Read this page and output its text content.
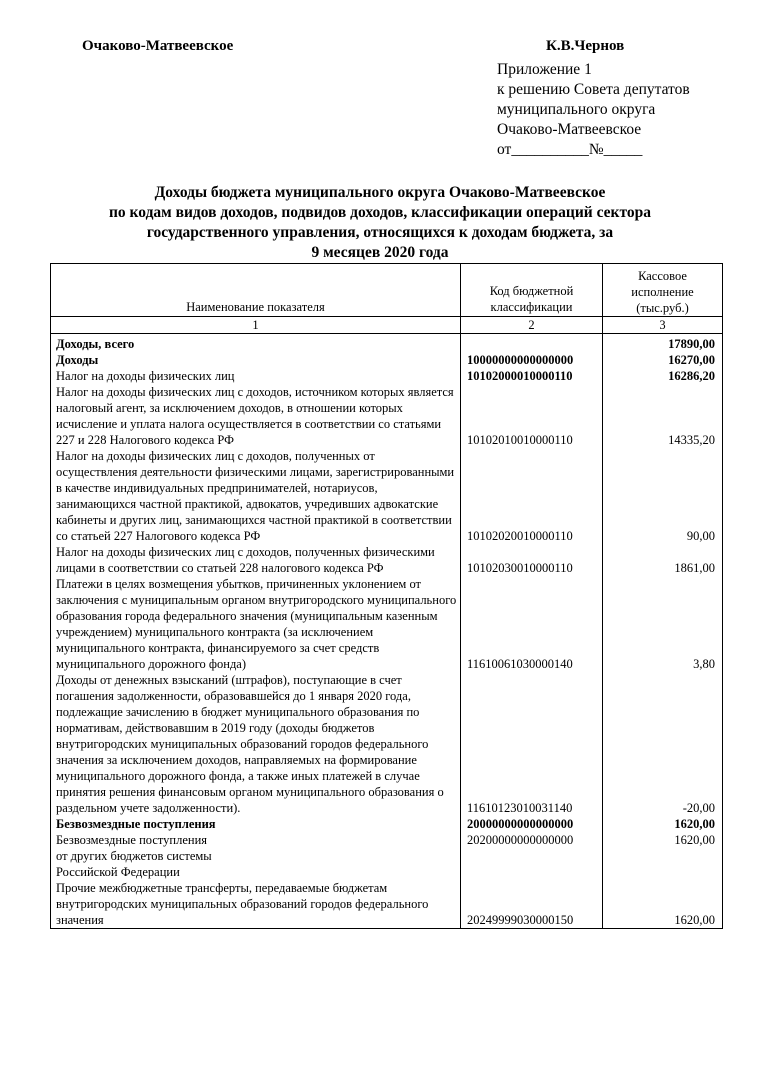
Очаково-Матвеевское	К.В.Чернов
Приложение 1
к решению Совета депутатов
муниципального округа
Очаково-Матвеевское
от__________№_____
Доходы бюджета муниципального округа Очаково-Матвеевское
по кодам видов доходов, подвидов доходов, классификации операций сектора
государственного управления, относящихся к доходам бюджета, за
9 месяцев 2020 года
Наименование показателя	Код бюджетной классификации	Кассовое исполнение (тыс.руб.)
1	2	3
Доходы, всего		17890,00
Доходы	10000000000000000	16270,00
Налог на доходы физических лиц	10102000010000110	16286,20
Налог на доходы физических лиц с доходов, источником которых является налоговый агент, за исключением доходов, в отношении которых исчисление и уплата налога осуществляется в соответствии со статьями 227 и 228 Налогового кодекса РФ	10102010010000110	14335,20
Налог на доходы физических лиц с доходов, полученных от осуществления деятельности физическими лицами, зарегистрированными в качестве индивидуальных предпринимателей, нотариусов, занимающихся частной практикой, адвокатов, учредивших адвокатские кабинеты и других лиц, занимающихся частной практикой в соответствии со статьей 227 Налогового кодекса РФ	10102020010000110	90,00
Налог на доходы физических лиц с доходов, полученных физическими лицами в соответствии со статьей 228 налогового кодекса РФ	10102030010000110	1861,00
Платежи в целях возмещения убытков, причиненных уклонением от заключения с муниципальным органом внутригородского муниципального образования города федерального значения (муниципальным казенным учреждением) муниципального контракта (за исключением муниципального контракта, финансируемого за счет средств муниципального дорожного фонда)	11610061030000140	3,80
Доходы от денежных взысканий (штрафов), поступающие в счет погашения задолженности, образовавшейся до 1 января 2020 года, подлежащие зачислению в бюджет муниципального образования по нормативам, действовавшим в 2019 году (доходы бюджетов внутригородских муниципальных образований городов федерального значения за исключением доходов, направляемых на формирование муниципального дорожного фонда, а также иных платежей в случае принятия решения финансовым органом муниципального образования о раздельном учете задолженности).	11610123010031140	-20,00
Безвозмездные поступления	20000000000000000	1620,00

Безвозмездные поступления
от других бюджетов системы
Российской Федерации	20200000000000000	1620,00
Прочие межбюджетные трансферты, передаваемые бюджетам внутригородских муниципальных образований городов федерального значения	20249999030000150	1620,00
